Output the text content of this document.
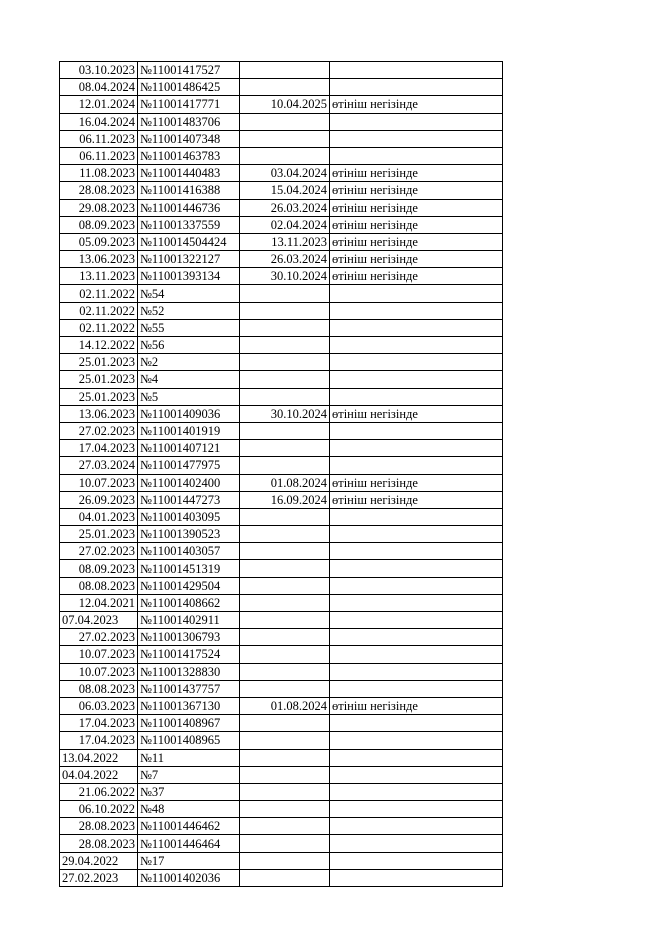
03.10.2023	№11001417527		
08.04.2024	№11001486425		
12.01.2024	№11001417771	10.04.2025	өтініш негізінде
16.04.2024	№11001483706		
06.11.2023	№11001407348		
06.11.2023	№11001463783		
11.08.2023	№11001440483	03.04.2024	өтініш негізінде
28.08.2023	№11001416388	15.04.2024	өтініш негізінде
29.08.2023	№11001446736	26.03.2024	өтініш негізінде
08.09.2023	№11001337559	02.04.2024	өтініш негізінде
05.09.2023	№110014504424	13.11.2023	өтініш негізінде
13.06.2023	№11001322127	26.03.2024	өтініш негізінде
13.11.2023	№11001393134	30.10.2024	өтініш негізінде
02.11.2022	№54		
02.11.2022	№52		
02.11.2022	№55		
14.12.2022	№56		
25.01.2023	№2		
25.01.2023	№4		
25.01.2023	№5		
13.06.2023	№11001409036	30.10.2024	өтініш негізінде
27.02.2023	№11001401919		
17.04.2023	№11001407121		
27.03.2024	№11001477975		
10.07.2023	№11001402400	01.08.2024	өтініш негізінде
26.09.2023	№11001447273	16.09.2024	өтініш негізінде
04.01.2023	№11001403095		
25.01.2023	№11001390523		
27.02.2023	№11001403057		
08.09.2023	№11001451319		
08.08.2023	№11001429504		
12.04.2021	№11001408662		
07.04.2023	№11001402911		
27.02.2023	№11001306793		
10.07.2023	№11001417524		
10.07.2023	№11001328830		
08.08.2023	№11001437757		
06.03.2023	№11001367130	01.08.2024	өтініш негізінде
17.04.2023	№11001408967		
17.04.2023	№11001408965		
13.04.2022	№11		
04.04.2022	№7		
21.06.2022	№37		
06.10.2022	№48		
28.08.2023	№11001446462		
28.08.2023	№11001446464		
29.04.2022	№17		
27.02.2023	№11001402036		
